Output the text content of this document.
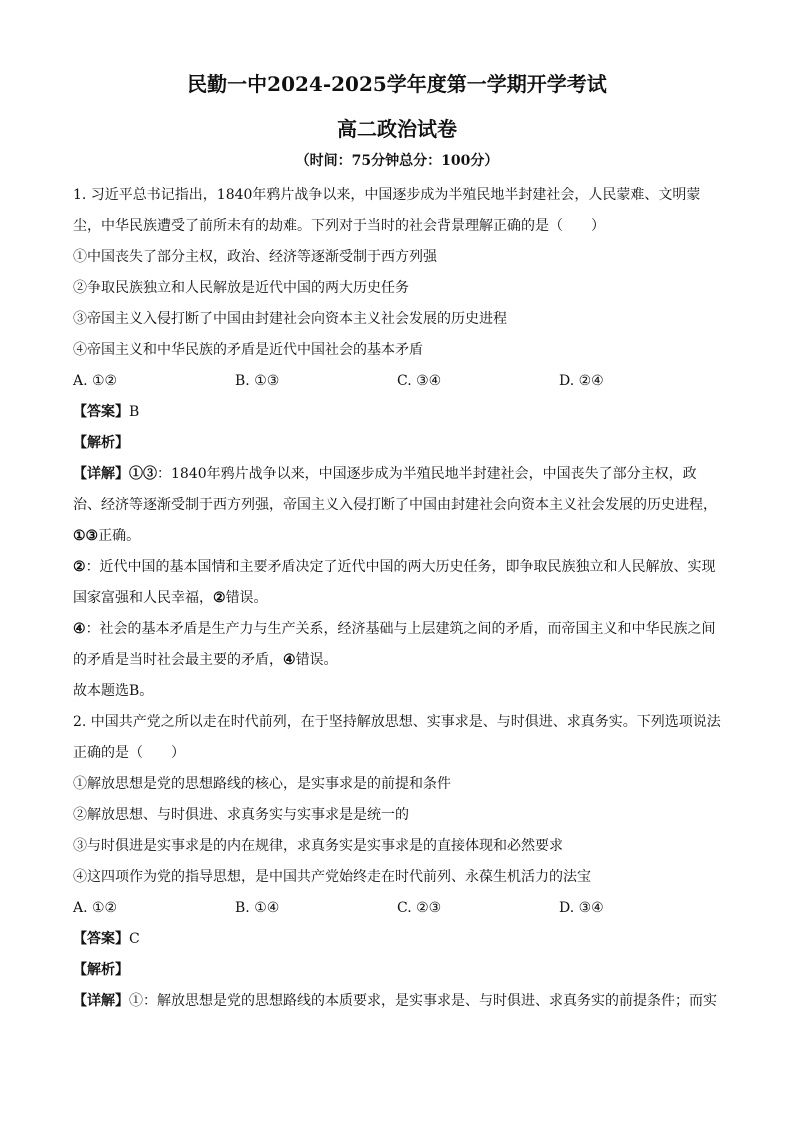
民勤一中2024-2025学年度第一学期开学考试
高二政治试卷
（时间：75分钟总分：100分）

1. 习近平总书记指出，1840年鸦片战争以来，中国逐步成为半殖民地半封建社会，人民蒙难、文明蒙

尘，中华民族遭受了前所未有的劫难。下列对于当时的社会背景理解正确的是（　　）

①中国丧失了部分主权，政治、经济等逐渐受制于西方列强

②争取民族独立和人民解放是近代中国的两大历史任务

③帝国主义入侵打断了中国由封建社会向资本主义社会发展的历史进程

④帝国主义和中华民族的矛盾是近代中国社会的基本矛盾

A. ①②	B. ①③	C. ③④	D. ②④

【答案】B

【解析】

【详解】①③：1840年鸦片战争以来，中国逐步成为半殖民地半封建社会，中国丧失了部分主权，政

治、经济等逐渐受制于西方列强，帝国主义入侵打断了中国由封建社会向资本主义社会发展的历史进程，

①③正确。

②：近代中国的基本国情和主要矛盾决定了近代中国的两大历史任务，即争取民族独立和人民解放、实现

国家富强和人民幸福，②错误。

④：社会的基本矛盾是生产力与生产关系，经济基础与上层建筑之间的矛盾，而帝国主义和中华民族之间

的矛盾是当时社会最主要的矛盾，④错误。

故本题选B。

2. 中国共产党之所以走在时代前列，在于坚持解放思想、实事求是、与时俱进、求真务实。下列选项说法

正确的是（　　）

①解放思想是党的思想路线的核心，是实事求是的前提和条件

②解放思想、与时俱进、求真务实与实事求是是统一的

③与时俱进是实事求是的内在规律，求真务实是实事求是的直接体现和必然要求

④这四项作为党的指导思想，是中国共产党始终走在时代前列、永葆生机活力的法宝

A. ①②	B. ①④	C. ②③	D. ③④

【答案】C

【解析】

【详解】①：解放思想是党的思想路线的本质要求，是实事求是、与时俱进、求真务实的前提条件；而实
